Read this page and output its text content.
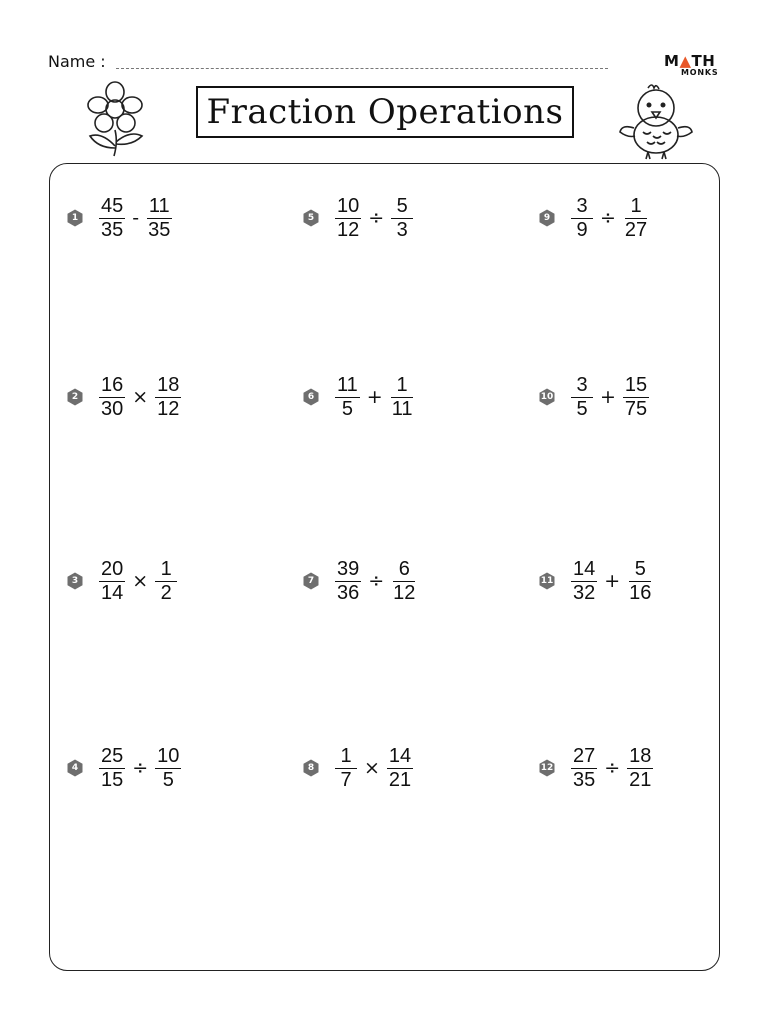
Name :	M▲TH
MONKS
Fraction Operations
$1 \frac{45}{35} - \frac{11}{35}$
$2 \frac{16}{30} \times \frac{18}{12}$
$3 \frac{20}{14} \times \frac{1}{2}$
$4 \frac{25}{15} \div \frac{10}{5}$
$5 \frac{10}{12} \div \frac{5}{3}$
$6 \frac{11}{5} + \frac{1}{11}$
$7 \frac{39}{36} \div \frac{6}{12}$
$8 \frac{1}{7} \times \frac{14}{21}$
$9 \frac{3}{9} \div \frac{1}{27}$
$10 \frac{3}{5} + \frac{15}{75}$
$11 \frac{14}{32} + \frac{5}{16}$
$12 \frac{27}{35} \div \frac{18}{21}$
